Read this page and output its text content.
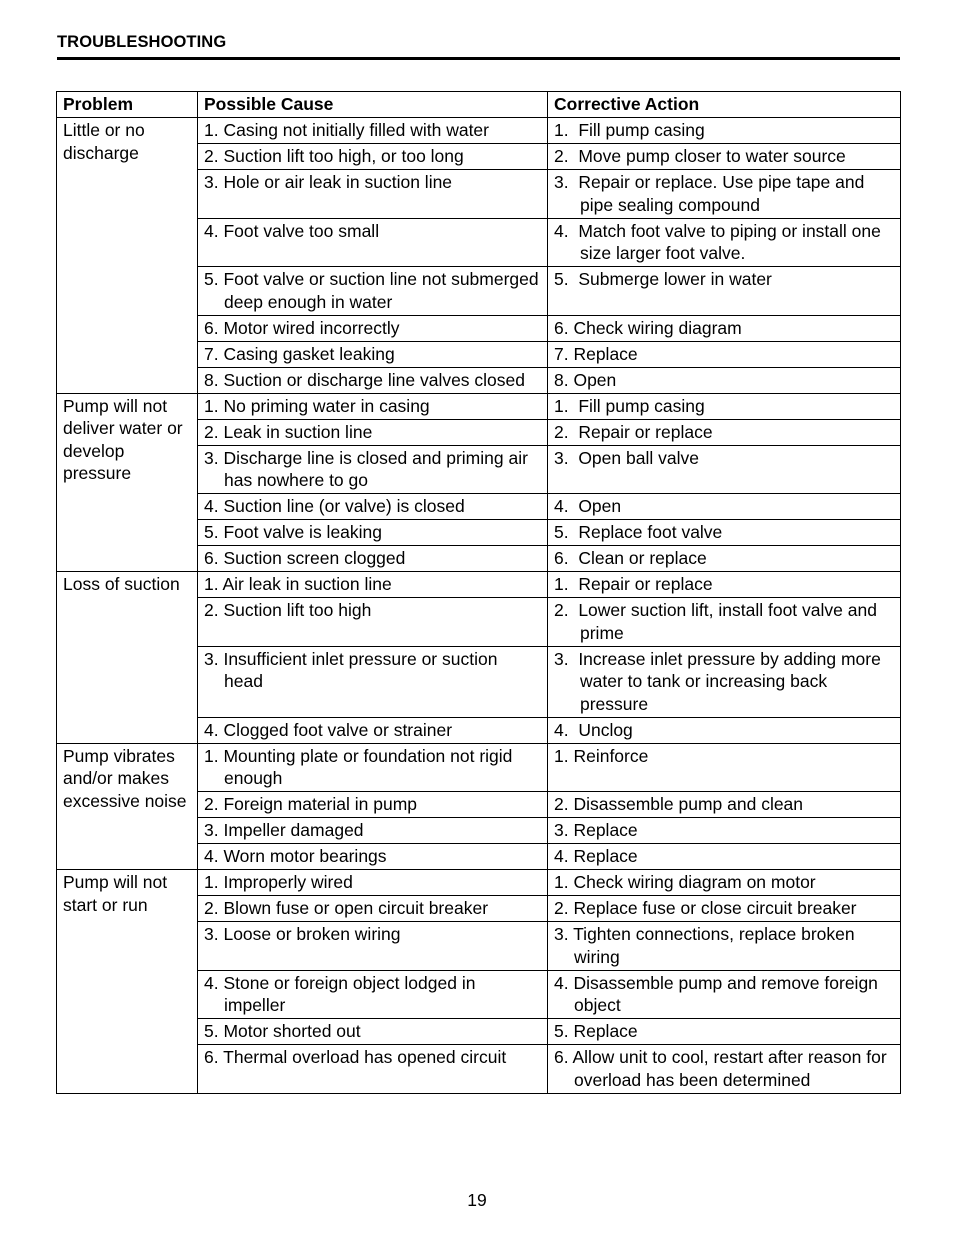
TROUBLESHOOTING
Problem	Possible Cause	Corrective Action
Little or no discharge	1. Casing not initially filled with water	1.  Fill pump casing

	2. Suction lift too high, or too long	2.  Move pump closer to water source

	3. Hole or air leak in suction line	3.  Repair or replace. Use pipe tape and pipe sealing compound

	4. Foot valve too small	4.  Match foot valve to piping or install one size larger foot valve.

	5. Foot valve or suction line not submerged deep enough in water	5.  Submerge lower in water

	6. Motor wired incorrectly	6. Check wiring diagram

	7. Casing gasket leaking	7. Replace

	8. Suction or discharge line valves closed	8. Open

Pump will not deliver water or develop pressure	1. No priming water in casing	1.  Fill pump casing

	2. Leak in suction line	2.  Repair or replace

	3. Discharge line is closed and priming air has nowhere to go	3.  Open ball valve

	4. Suction line (or valve) is closed	4.  Open

	5. Foot valve is leaking	5.  Replace foot valve

	6. Suction screen clogged	6.  Clean or replace

Loss of suction	1. Air leak in suction line	1.  Repair or replace

	2. Suction lift too high	2.  Lower suction lift, install foot valve and prime

	3. Insufficient inlet pressure or suction head	3.  Increase inlet pressure by adding more water to tank or increasing back pressure

	4. Clogged foot valve or strainer	4.  Unclog

Pump vibrates and/or makes excessive noise	1. Mounting plate or foundation not rigid enough	1. Reinforce

	2. Foreign material in pump	2. Disassemble pump and clean

	3. Impeller damaged	3. Replace

	4. Worn motor bearings	4. Replace

Pump will not start or run	1. Improperly wired	1. Check wiring diagram on motor

	2. Blown fuse or open circuit breaker	2. Replace fuse or close circuit breaker

	3. Loose or broken wiring	3. Tighten connections, replace broken wiring

	4. Stone or foreign object lodged in impeller	4. Disassemble pump and remove foreign object

	5. Motor shorted out	5. Replace

	6. Thermal overload has opened circuit	6. Allow unit to cool, restart after reason for overload has been determined
19
